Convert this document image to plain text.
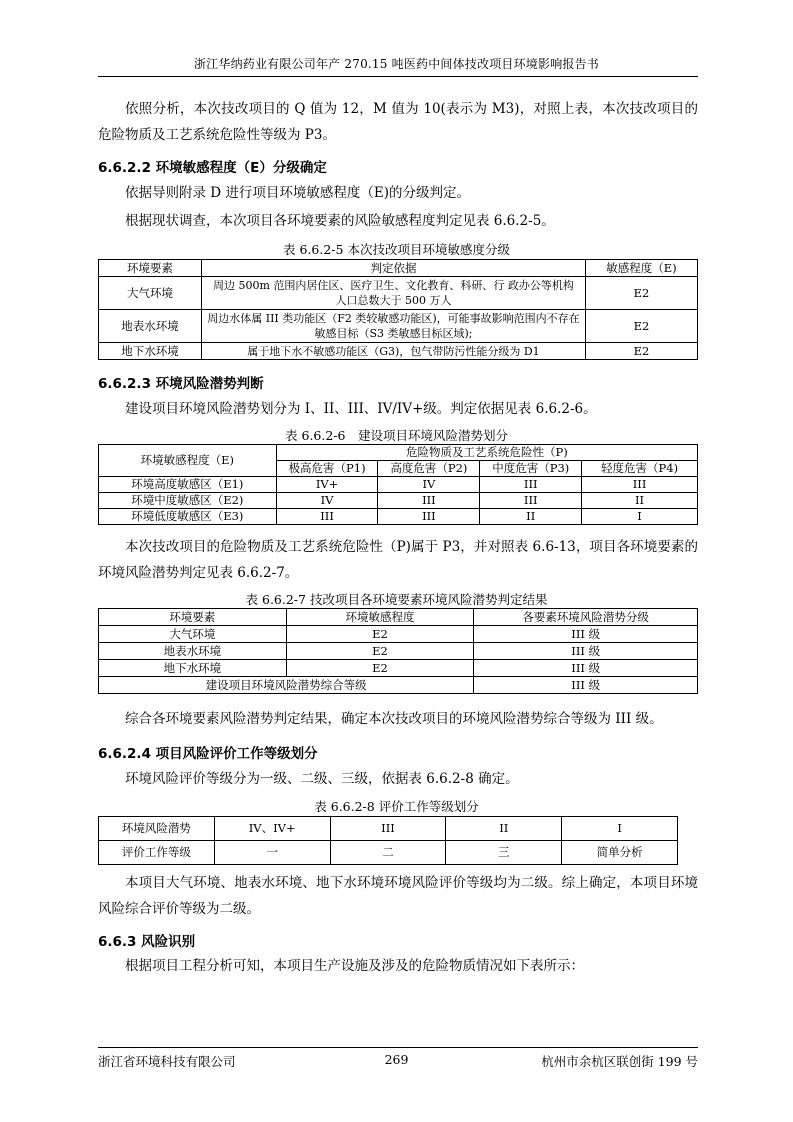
浙江华纳药业有限公司年产 270.15 吨医药中间体技改项目环境影响报告书
依照分析，本次技改项目的 Q 值为 12，M 值为 10(表示为 M3)，对照上表，本次技改项目的危险物质及工艺系统危险性等级为 P3。
6.6.2.2 环境敏感程度（E）分级确定
依据导则附录 D 进行项目环境敏感程度（E)的分级判定。
根据现状调查，本次项目各环境要素的风险敏感程度判定见表 6.6.2-5。
表 6.6.2-5 本次技改项目环境敏感度分级
环境要素	判定依据	敏感程度（E)
大气环境	周边 500m 范围内居住区、医疗卫生、文化教育、科研、行 政办公等机构
人口总数大于 500 万人	E2
地表水环境	周边水体属 III 类功能区（F2 类较敏感功能区)，可能事故影响范围内不存在
敏感目标（S3 类敏感目标区域);	E2
地下水环境	属于地下水不敏感功能区（G3)，包气带防污性能分级为 D1	E2
6.6.2.3 环境风险潜势判断
建设项目环境风险潜势划分为 I、II、III、IV/IV+级。判定依据见表 6.6.2-6。
表 6.6.2-6　建设项目环境风险潜势划分
环境敏感程度（E)	危险物质及工艺系统危险性（P)			
	极高危害（P1)	高度危害（P2)	中度危害（P3)	轻度危害（P4)
环境高度敏感区（E1)	IV+	IV	III	III
环境中度敏感区（E2)	IV	III	III	II
环境低度敏感区（E3)	III	III	II	I
本次技改项目的危险物质及工艺系统危险性（P)属于 P3，并对照表 6.6-13，项目各环境要素的环境风险潜势判定见表 6.6.2-7。
表 6.6.2-7 技改项目各环境要素环境风险潜势判定结果
环境要素	环境敏感程度	各要素环境风险潜势分级
大气环境	E2	III 级
地表水环境	E2	III 级
地下水环境	E2	III 级
建设项目环境风险潜势综合等级		III 级
综合各环境要素风险潜势判定结果，确定本次技改项目的环境风险潜势综合等级为 III 级。
6.6.2.4 项目风险评价工作等级划分
环境风险评价等级分为一级、二级、三级，依据表 6.6.2-8 确定。
表 6.6.2-8 评价工作等级划分
环境风险潜势	IV、IV+	III	II	I
评价工作等级	一	二	三	简单分析
本项目大气环境、地表水环境、地下水环境环境风险评价等级均为二级。综上确定，本项目环境风险综合评价等级为二级。
6.6.3 风险识别
根据项目工程分析可知，本项目生产设施及涉及的危险物质情况如下表所示：
浙江省环境科技有限公司	269	杭州市余杭区联创街 199 号
